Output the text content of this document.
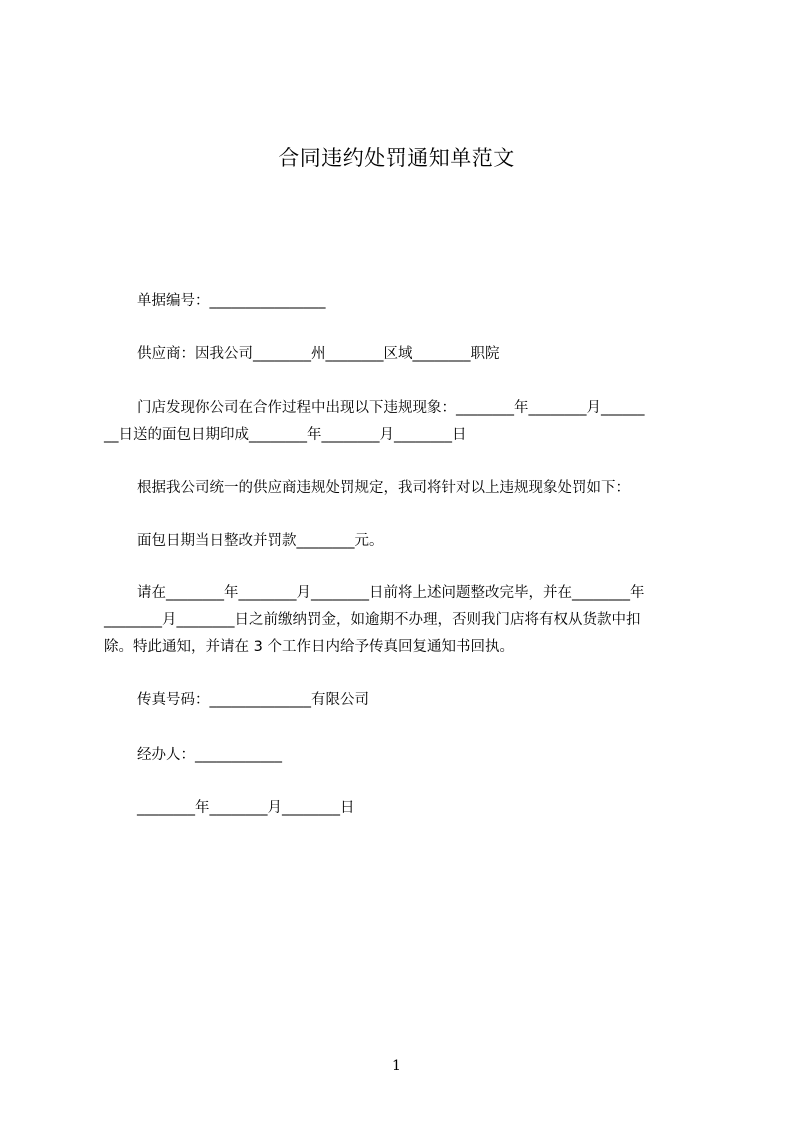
合同违约处罚通知单范文
单据编号：________________
供应商：因我公司________州________区域________职院
门店发现你公司在合作过程中出现以下违规现象：________年________月______
__日送的面包日期印成________年________月________日
根据我公司统一的供应商违规处罚规定，我司将针对以上违规现象处罚如下：
面包日期当日整改并罚款________元。
请在________年________月________日前将上述问题整改完毕，并在________年
________月________日之前缴纳罚金，如逾期不办理，否则我门店将有权从货款中扣
除。特此通知，并请在 3 个工作日内给予传真回复通知书回执。
传真号码：______________有限公司
经办人：____________
________年________月________日
1
